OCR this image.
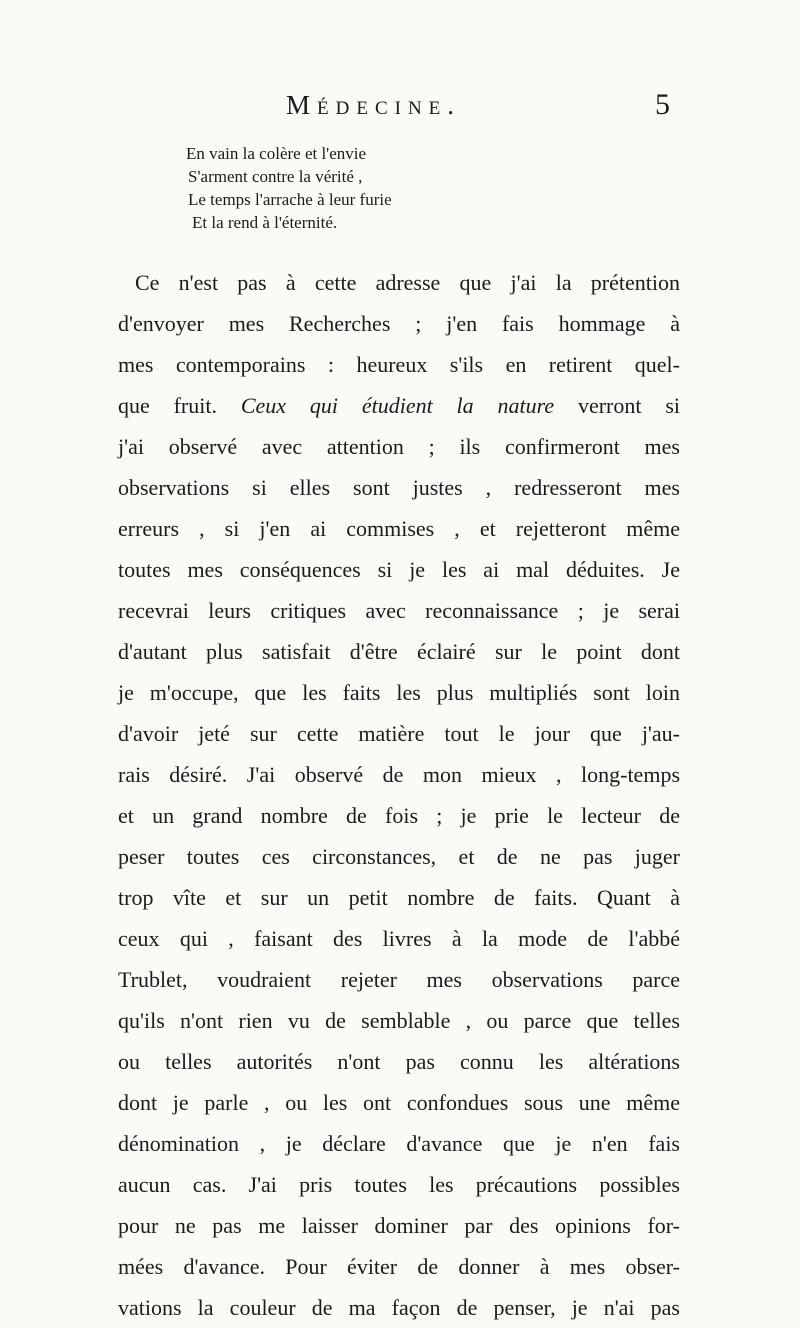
Médecine.	5
En vain la colère et l'envie
S'arment contre la vérité ,
Le temps l'arrache à leur furie
Et la rend à l'éternité.
Ce n'est pas à cette adresse que j'ai la prétention
d'envoyer mes Recherches ; j'en fais hommage à
mes contemporains : heureux s'ils en retirent quel-
que fruit. Ceux qui étudient la nature verront si
j'ai observé avec attention ; ils confirmeront mes
observations si elles sont justes , redresseront mes
erreurs , si j'en ai commises , et rejetteront même
toutes mes conséquences si je les ai mal déduites. Je
recevrai leurs critiques avec reconnaissance ; je serai
d'autant plus satisfait d'être éclairé sur le point dont
je m'occupe, que les faits les plus multipliés sont loin
d'avoir jeté sur cette matière tout le jour que j'au-
rais désiré. J'ai observé de mon mieux , long-temps
et un grand nombre de fois ; je prie le lecteur de
peser toutes ces circonstances, et de ne pas juger
trop vîte et sur un petit nombre de faits. Quant à
ceux qui , faisant des livres à la mode de l'abbé
Trublet, voudraient rejeter mes observations parce
qu'ils n'ont rien vu de semblable , ou parce que telles
ou telles autorités n'ont pas connu les altérations
dont je parle , ou les ont confondues sous une même
dénomination , je déclare d'avance que je n'en fais
aucun cas. J'ai pris toutes les précautions possibles
pour ne pas me laisser dominer par des opinions for-
mées d'avance. Pour éviter de donner à mes obser-
vations la couleur de ma façon de penser, je n'ai pas
